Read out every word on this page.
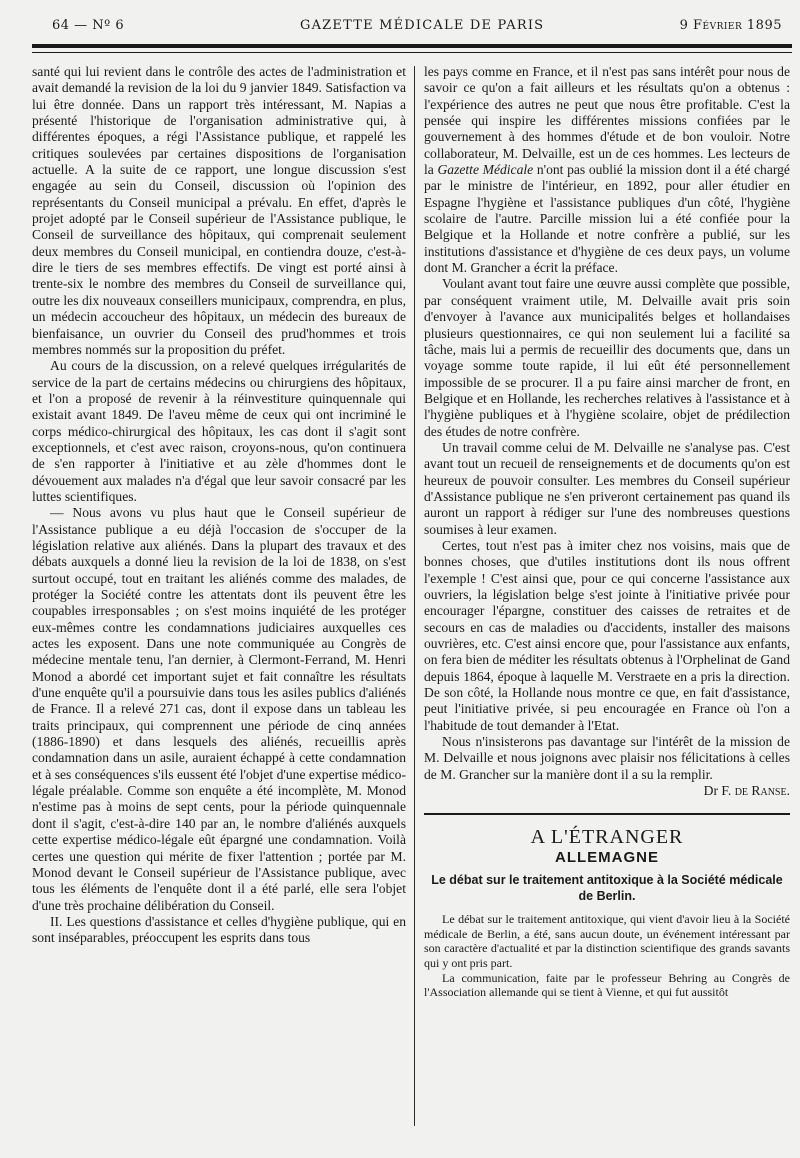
64 — Nº 6	GAZETTE MÉDICALE DE PARIS	9 Février 1895

santé qui lui revient dans le contrôle des actes de l'administration et avait demandé la revision de la loi du 9 janvier 1849. Satisfaction va lui être donnée. Dans un rapport très intéressant, M. Napias a présenté l'historique de l'organisation administrative qui, à différentes époques, a régi l'Assistance publique, et rappelé les critiques soulevées par certaines dispositions de l'organisation actuelle. A la suite de ce rapport, une longue discussion s'est engagée au sein du Conseil, discussion où l'opinion des représentants du Conseil municipal a prévalu. En effet, d'après le projet adopté par le Conseil supérieur de l'Assistance publique, le Conseil de surveillance des hôpitaux, qui comprenait seulement deux membres du Conseil municipal, en contiendra douze, c'est-à-dire le tiers de ses membres effectifs. De vingt est porté ainsi à trente-six le nombre des membres du Conseil de surveillance qui, outre les dix nouveaux conseillers municipaux, comprendra, en plus, un médecin accoucheur des hôpitaux, un médecin des bureaux de bienfaisance, un ouvrier du Conseil des prud'hommes et trois membres nommés sur la proposition du préfet.

Au cours de la discussion, on a relevé quelques irrégularités de service de la part de certains médecins ou chirurgiens des hôpitaux, et l'on a proposé de revenir à la réinvestiture quinquennale qui existait avant 1849. De l'aveu même de ceux qui ont incriminé le corps médico-chirurgical des hôpitaux, les cas dont il s'agit sont exceptionnels, et c'est avec raison, croyons-nous, qu'on continuera de s'en rapporter à l'initiative et au zèle d'hommes dont le dévouement aux malades n'a d'égal que leur savoir consacré par les luttes scientifiques.

— Nous avons vu plus haut que le Conseil supérieur de l'Assistance publique a eu déjà l'occasion de s'occuper de la législation relative aux aliénés. Dans la plupart des travaux et des débats auxquels a donné lieu la revision de la loi de 1838, on s'est surtout occupé, tout en traitant les aliénés comme des malades, de protéger la Société contre les attentats dont ils peuvent être les coupables irresponsables ; on s'est moins inquiété de les protéger eux-mêmes contre les condamnations judiciaires auxquelles ces actes les exposent. Dans une note communiquée au Congrès de médecine mentale tenu, l'an dernier, à Clermont-Ferrand, M. Henri Monod a abordé cet important sujet et fait connaître les résultats d'une enquête qu'il a poursuivie dans tous les asiles publics d'aliénés de France. Il a relevé 271 cas, dont il expose dans un tableau les traits principaux, qui comprennent une période de cinq années (1886-1890) et dans lesquels des aliénés, recueillis après condamnation dans un asile, auraient échappé à cette condamnation et à ses conséquences s'ils eussent été l'objet d'une expertise médico-légale préalable. Comme son enquête a été incomplète, M. Monod n'estime pas à moins de sept cents, pour la période quinquennale dont il s'agit, c'est-à-dire 140 par an, le nombre d'aliénés auxquels cette expertise médico-légale eût épargné une condamnation. Voilà certes une question qui mérite de fixer l'attention ; portée par M. Monod devant le Conseil supérieur de l'Assistance publique, avec tous les éléments de l'enquête dont il a été parlé, elle sera l'objet d'une très prochaine délibération du Conseil.

II. Les questions d'assistance et celles d'hygiène publique, qui en sont inséparables, préoccupent les esprits dans tous

les pays comme en France, et il n'est pas sans intérêt pour nous de savoir ce qu'on a fait ailleurs et les résultats qu'on a obtenus : l'expérience des autres ne peut que nous être profitable. C'est la pensée qui inspire les différentes missions confiées par le gouvernement à des hommes d'étude et de bon vouloir. Notre collaborateur, M. Delvaille, est un de ces hommes. Les lecteurs de la Gazette Médicale n'ont pas oublié la mission dont il a été chargé par le ministre de l'intérieur, en 1892, pour aller étudier en Espagne l'hygiène et l'assistance publiques d'un côté, l'hygiène scolaire de l'autre. Parcille mission lui a été confiée pour la Belgique et la Hollande et notre confrère a publié, sur les institutions d'assistance et d'hygiène de ces deux pays, un volume dont M. Grancher a écrit la préface.

Voulant avant tout faire une œuvre aussi complète que possible, par conséquent vraiment utile, M. Delvaille avait pris soin d'envoyer à l'avance aux municipalités belges et hollandaises plusieurs questionnaires, ce qui non seulement lui a facilité sa tâche, mais lui a permis de recueillir des documents que, dans un voyage somme toute rapide, il lui eût été personnellement impossible de se procurer. Il a pu faire ainsi marcher de front, en Belgique et en Hollande, les recherches relatives à l'assistance et à l'hygiène publiques et à l'hygiène scolaire, objet de prédilection des études de notre confrère.

Un travail comme celui de M. Delvaille ne s'analyse pas. C'est avant tout un recueil de renseignements et de documents qu'on est heureux de pouvoir consulter. Les membres du Conseil supérieur d'Assistance publique ne s'en priveront certainement pas quand ils auront un rapport à rédiger sur l'une des nombreuses questions soumises à leur examen.

Certes, tout n'est pas à imiter chez nos voisins, mais que de bonnes choses, que d'utiles institutions dont ils nous offrent l'exemple ! C'est ainsi que, pour ce qui concerne l'assistance aux ouvriers, la législation belge s'est jointe à l'initiative privée pour encourager l'épargne, constituer des caisses de retraites et de secours en cas de maladies ou d'accidents, installer des maisons ouvrières, etc. C'est ainsi encore que, pour l'assistance aux enfants, on fera bien de méditer les résultats obtenus à l'Orphelinat de Gand depuis 1864, époque à laquelle M. Verstraete en a pris la direction. De son côté, la Hollande nous montre ce que, en fait d'assistance, peut l'initiative privée, si peu encouragée en France où l'on a l'habitude de tout demander à l'Etat.

Nous n'insisterons pas davantage sur l'intérêt de la mission de M. Delvaille et nous joignons avec plaisir nos félicitations à celles de M. Grancher sur la manière dont il a su la remplir.

Dr F. de Ranse.
A L'ÉTRANGER
ALLEMAGNE
Le débat sur le traitement antitoxique à la Société médicale de Berlin.

Le débat sur le traitement antitoxique, qui vient d'avoir lieu à la Société médicale de Berlin, a été, sans aucun doute, un événement intéressant par son caractère d'actualité et par la distinction scientifique des grands savants qui y ont pris part.

La communication, faite par le professeur Behring au Congrès de l'Association allemande qui se tient à Vienne, et qui fut aussitôt
